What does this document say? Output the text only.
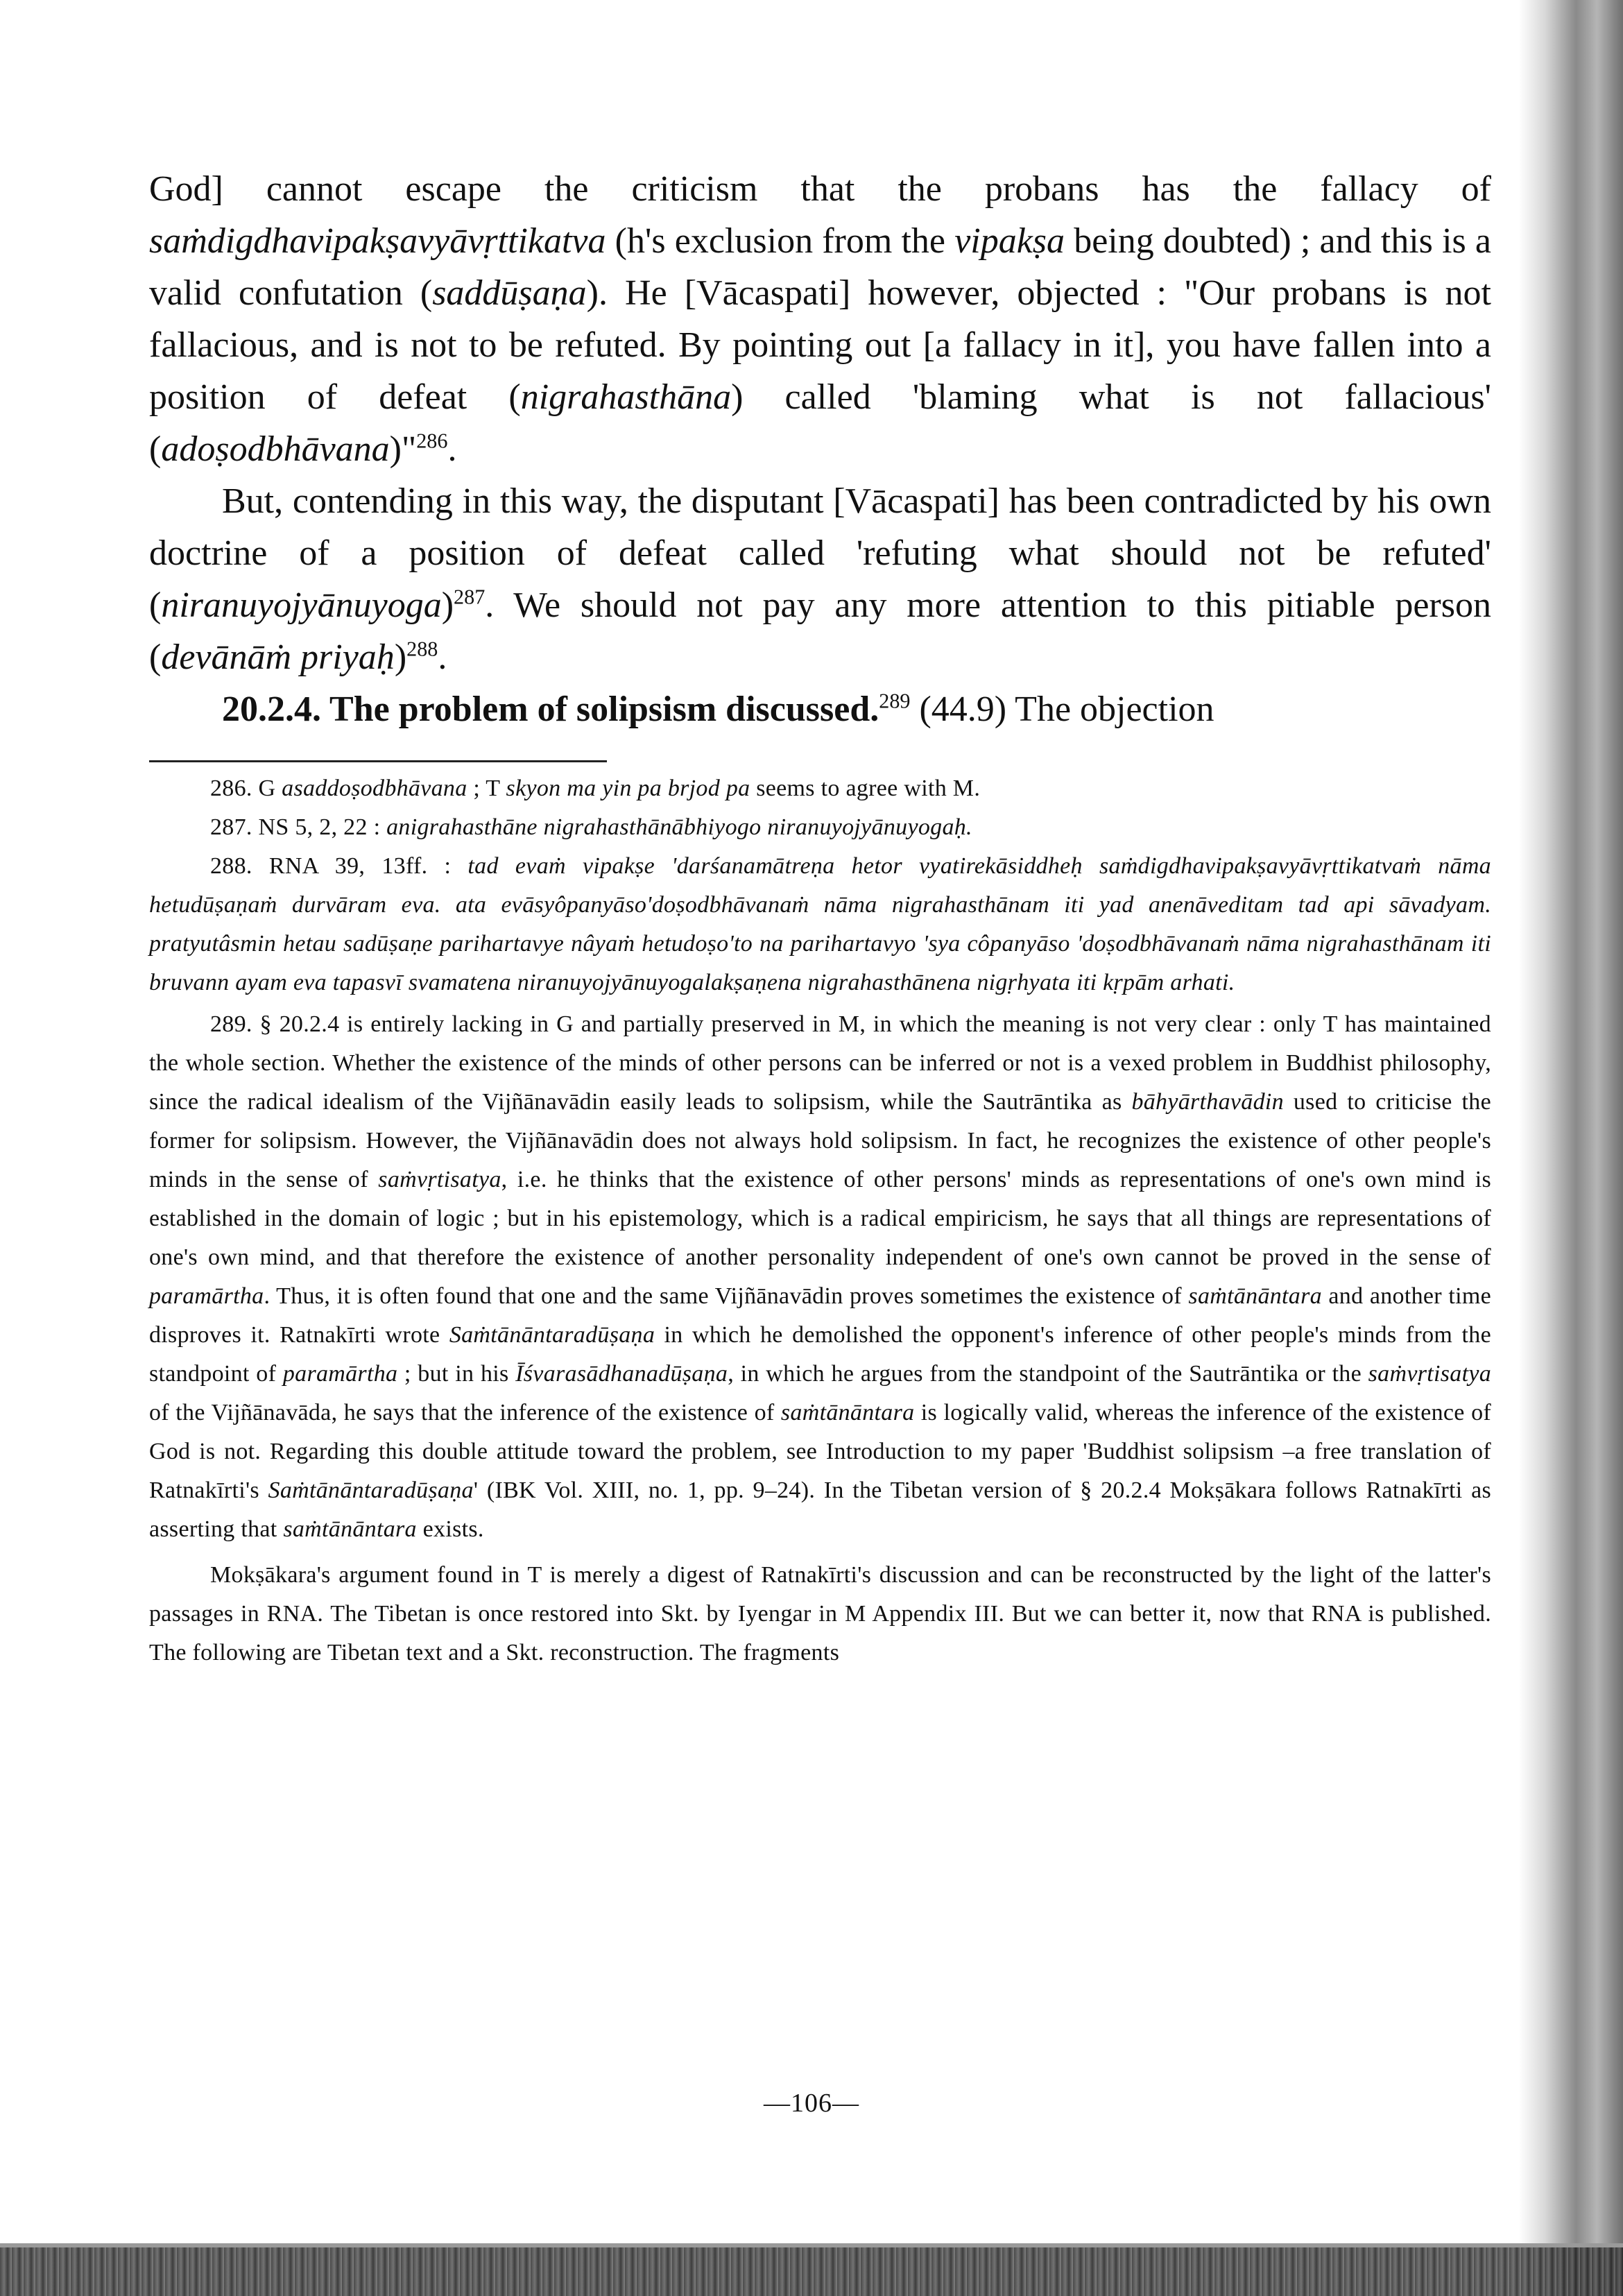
God] cannot escape the criticism that the probans has the fallacy of saṁdigdhavipakṣavyāvṛttikatva (h's exclusion from the vipakṣa being doubted) ; and this is a valid confutation (saddūṣaṇa). He [Vācaspati] however, objected : "Our probans is not fallacious, and is not to be refuted. By pointing out [a fallacy in it], you have fallen into a position of defeat (nigrahasthāna) called 'blaming what is not fallacious' (adoṣodbhāvana)"$^{286}$.

But, contending in this way, the disputant [Vācaspati] has been contradicted by his own doctrine of a position of defeat called 'refuting what should not be refuted' (niranuyojyānuyoga)$^{287}$. We should not pay any more attention to this pitiable person (devānāṁ priyaḥ)$^{288}$.

20.2.4. The problem of solipsism discussed.$^{289}$ (44.9) The objection

286. G asaddoṣodbhāvana ; T skyon ma yin pa brjod pa seems to agree with M.

287. NS 5, 2, 22 : anigrahasthāne nigrahasthānābhiyogo niranuyojyānuyogaḥ.

288. RNA 39, 13ff. : tad evaṁ vipakṣe 'darśanamātreṇa hetor vyatirekāsiddheḥ saṁdigdhavipakṣavyāvṛttikatvaṁ nāma hetudūṣaṇaṁ durvāram eva. ata evāsyôpanyāso'doṣodbhāvanaṁ nāma nigrahasthānam iti yad anenāveditam tad api sāvadyam. pratyutâsmin hetau sadūṣaṇe parihartavye nâyaṁ hetudoṣo'to na parihartavyo 'sya côpanyāso 'doṣodbhāvanaṁ nāma nigrahasthānam iti bruvann ayam eva tapasvī svamatena niranuyojyānuyogalakṣaṇena nigrahasthānena nigṛhyata iti kṛpām arhati.

289. § 20.2.4 is entirely lacking in G and partially preserved in M, in which the meaning is not very clear : only T has maintained the whole section. Whether the existence of the minds of other persons can be inferred or not is a vexed problem in Buddhist philosophy, since the radical idealism of the Vijñānavādin easily leads to solipsism, while the Sautrāntika as bāhyārthavādin used to criticise the former for solipsism. However, the Vijñānavādin does not always hold solipsism. In fact, he recognizes the existence of other people's minds in the sense of saṁvṛtisatya, i.e. he thinks that the existence of other persons' minds as representations of one's own mind is established in the domain of logic ; but in his epistemology, which is a radical empiricism, he says that all things are representations of one's own mind, and that therefore the existence of another personality independent of one's own cannot be proved in the sense of paramārtha. Thus, it is often found that one and the same Vijñānavādin proves sometimes the existence of saṁtānāntara and another time disproves it. Ratnakīrti wrote Saṁtānāntaradūṣaṇa in which he demolished the opponent's inference of other people's minds from the standpoint of paramārtha ; but in his Īśvarasādhanadūṣaṇa, in which he argues from the standpoint of the Sautrāntika or the saṁvṛtisatya of the Vijñānavāda, he says that the inference of the existence of saṁtānāntara is logically valid, whereas the inference of the existence of God is not. Regarding this double attitude toward the problem, see Introduction to my paper 'Buddhist solipsism –a free translation of Ratnakīrti's Saṁtānāntaradūṣaṇa' (IBK Vol. XIII, no. 1, pp. 9–24). In the Tibetan version of § 20.2.4 Mokṣākara follows Ratnakīrti as asserting that saṁtānāntara exists.

Mokṣākara's argument found in T is merely a digest of Ratnakīrti's discussion and can be reconstructed by the light of the latter's passages in RNA. The Tibetan is once restored into Skt. by Iyengar in M Appendix III. But we can better it, now that RNA is published. The following are Tibetan text and a Skt. reconstruction. The fragments

—106—
